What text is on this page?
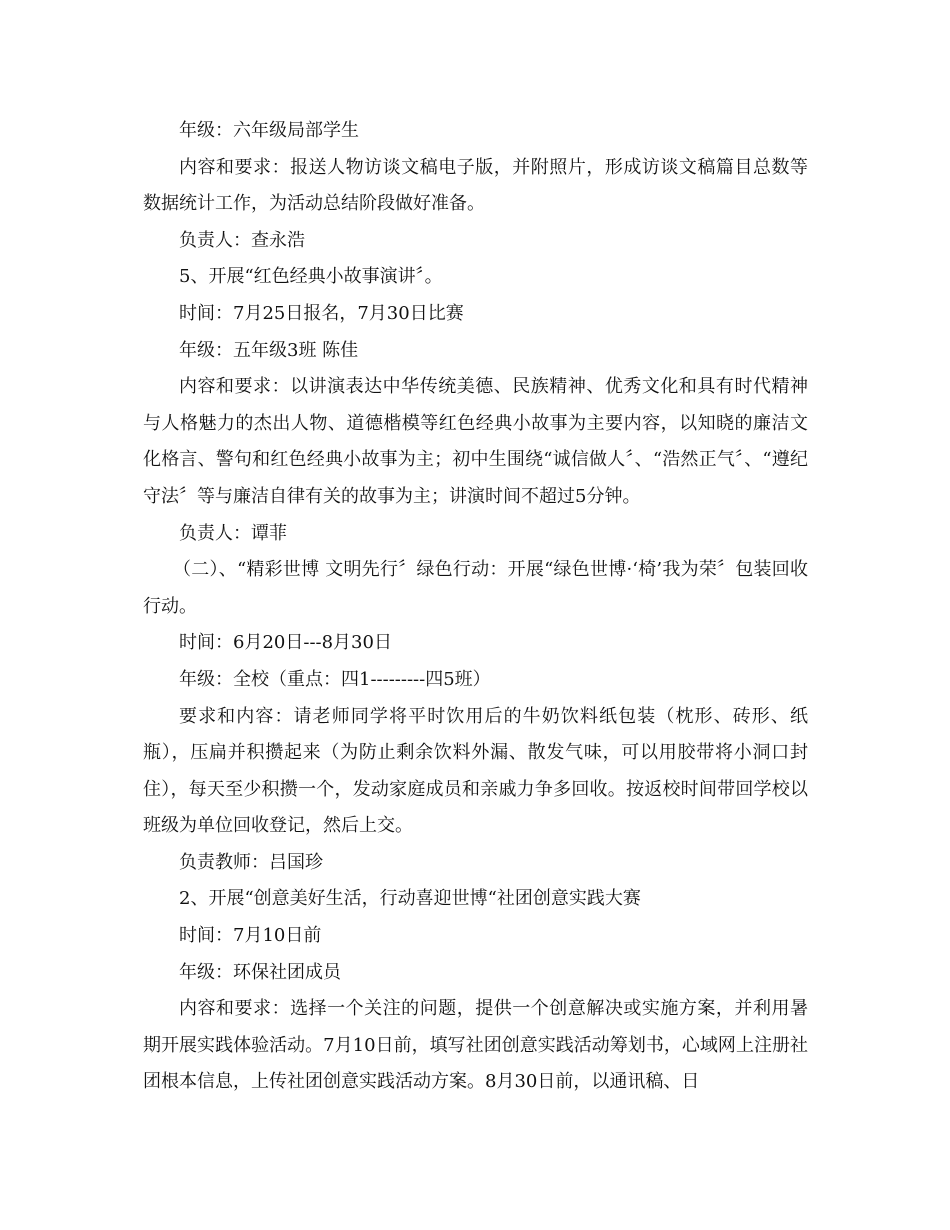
年级：六年级局部学生

内容和要求：报送人物访谈文稿电子版，并附照片，形成访谈文稿篇目总数等数据统计工作，为活动总结阶段做好准备。

负责人：查永浩

5、开展“红色经典小故事演讲〞。

时间：7月25日报名，7月30日比赛

年级：五年级3班 陈佳

内容和要求：以讲演表达中华传统美德、民族精神、优秀文化和具有时代精神与人格魅力的杰出人物、道德楷模等红色经典小故事为主要内容，以知晓的廉洁文化格言、警句和红色经典小故事为主；初中生围绕“诚信做人〞、“浩然正气〞、“遵纪守法〞等与廉洁自律有关的故事为主；讲演时间不超过5分钟。

负责人：谭菲

（二）、“精彩世博 文明先行〞绿色行动：开展“绿色世博·‘椅’我为荣〞包装回收行动。

时间：6月20日---8月30日

年级：全校（重点：四1---------四5班）

要求和内容：请老师同学将平时饮用后的牛奶饮料纸包装（枕形、砖形、纸瓶），压扁并积攒起来（为防止剩余饮料外漏、散发气味，可以用胶带将小洞口封住），每天至少积攒一个，发动家庭成员和亲戚力争多回收。按返校时间带回学校以班级为单位回收登记，然后上交。

负责教师：吕国珍

2、开展“创意美好生活，行动喜迎世博“社团创意实践大赛

时间：7月10日前

年级：环保社团成员

内容和要求：选择一个关注的问题，提供一个创意解决或实施方案，并利用暑期开展实践体验活动。7月10日前，填写社团创意实践活动筹划书，心域网上注册社团根本信息，上传社团创意实践活动方案。8月30日前，以通讯稿、日
